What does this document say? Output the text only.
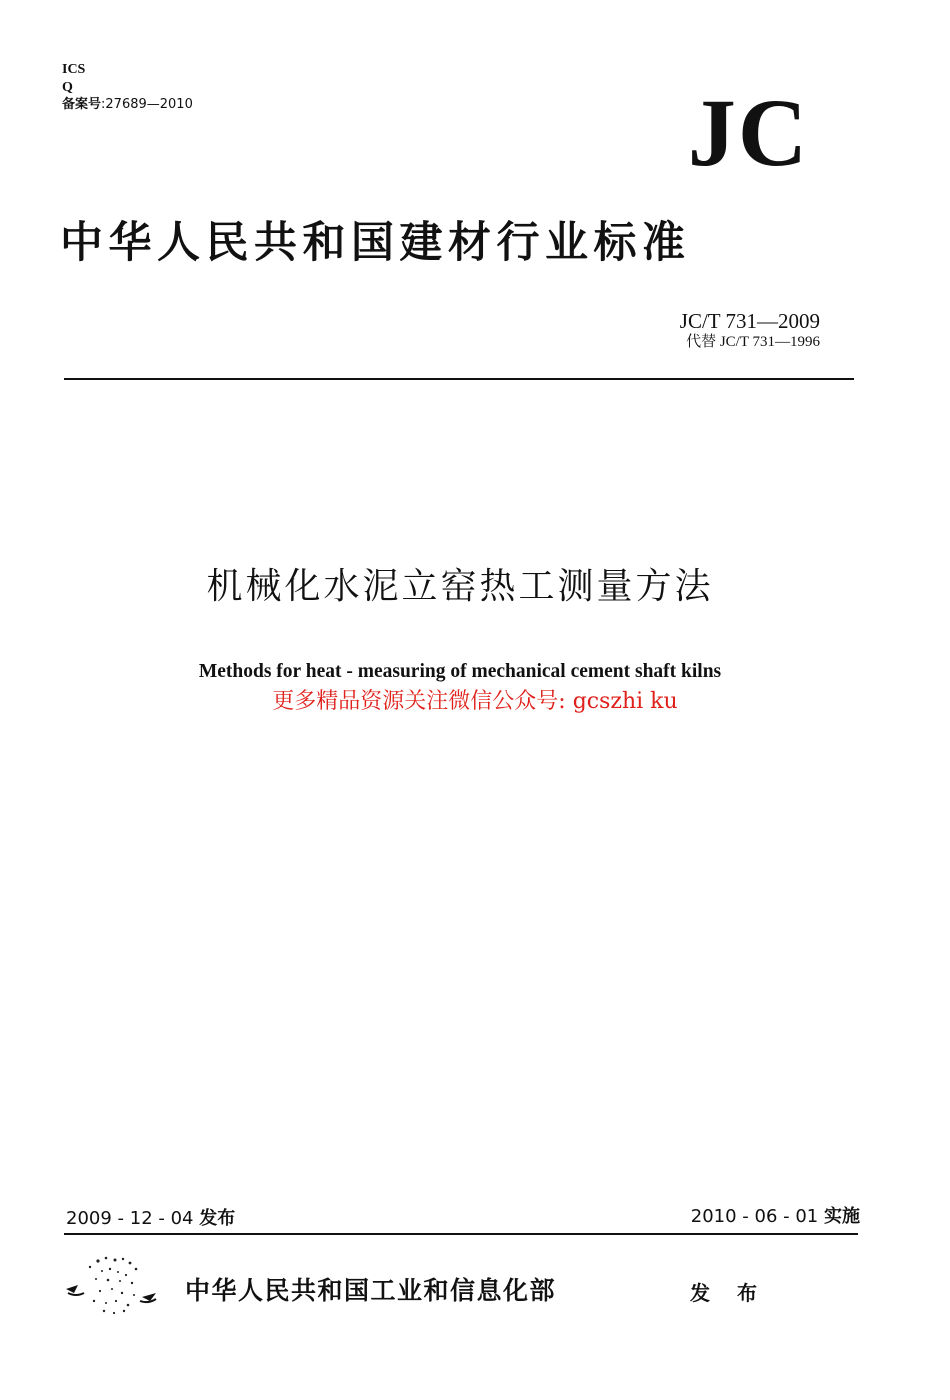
ICS
Q
备案号:27689—2010	JC
中华人民共和国建材行业标准
JC/T 731—2009
代替 JC/T 731—1996
机械化水泥立窑热工测量方法
Methods for heat - measuring of mechanical cement shaft kilns
更多精品资源关注微信公众号: gcszhi ku
2009 - 12 - 04 发布	2010 - 06 - 01 实施
中华人民共和国工业和信息化部	发 布
